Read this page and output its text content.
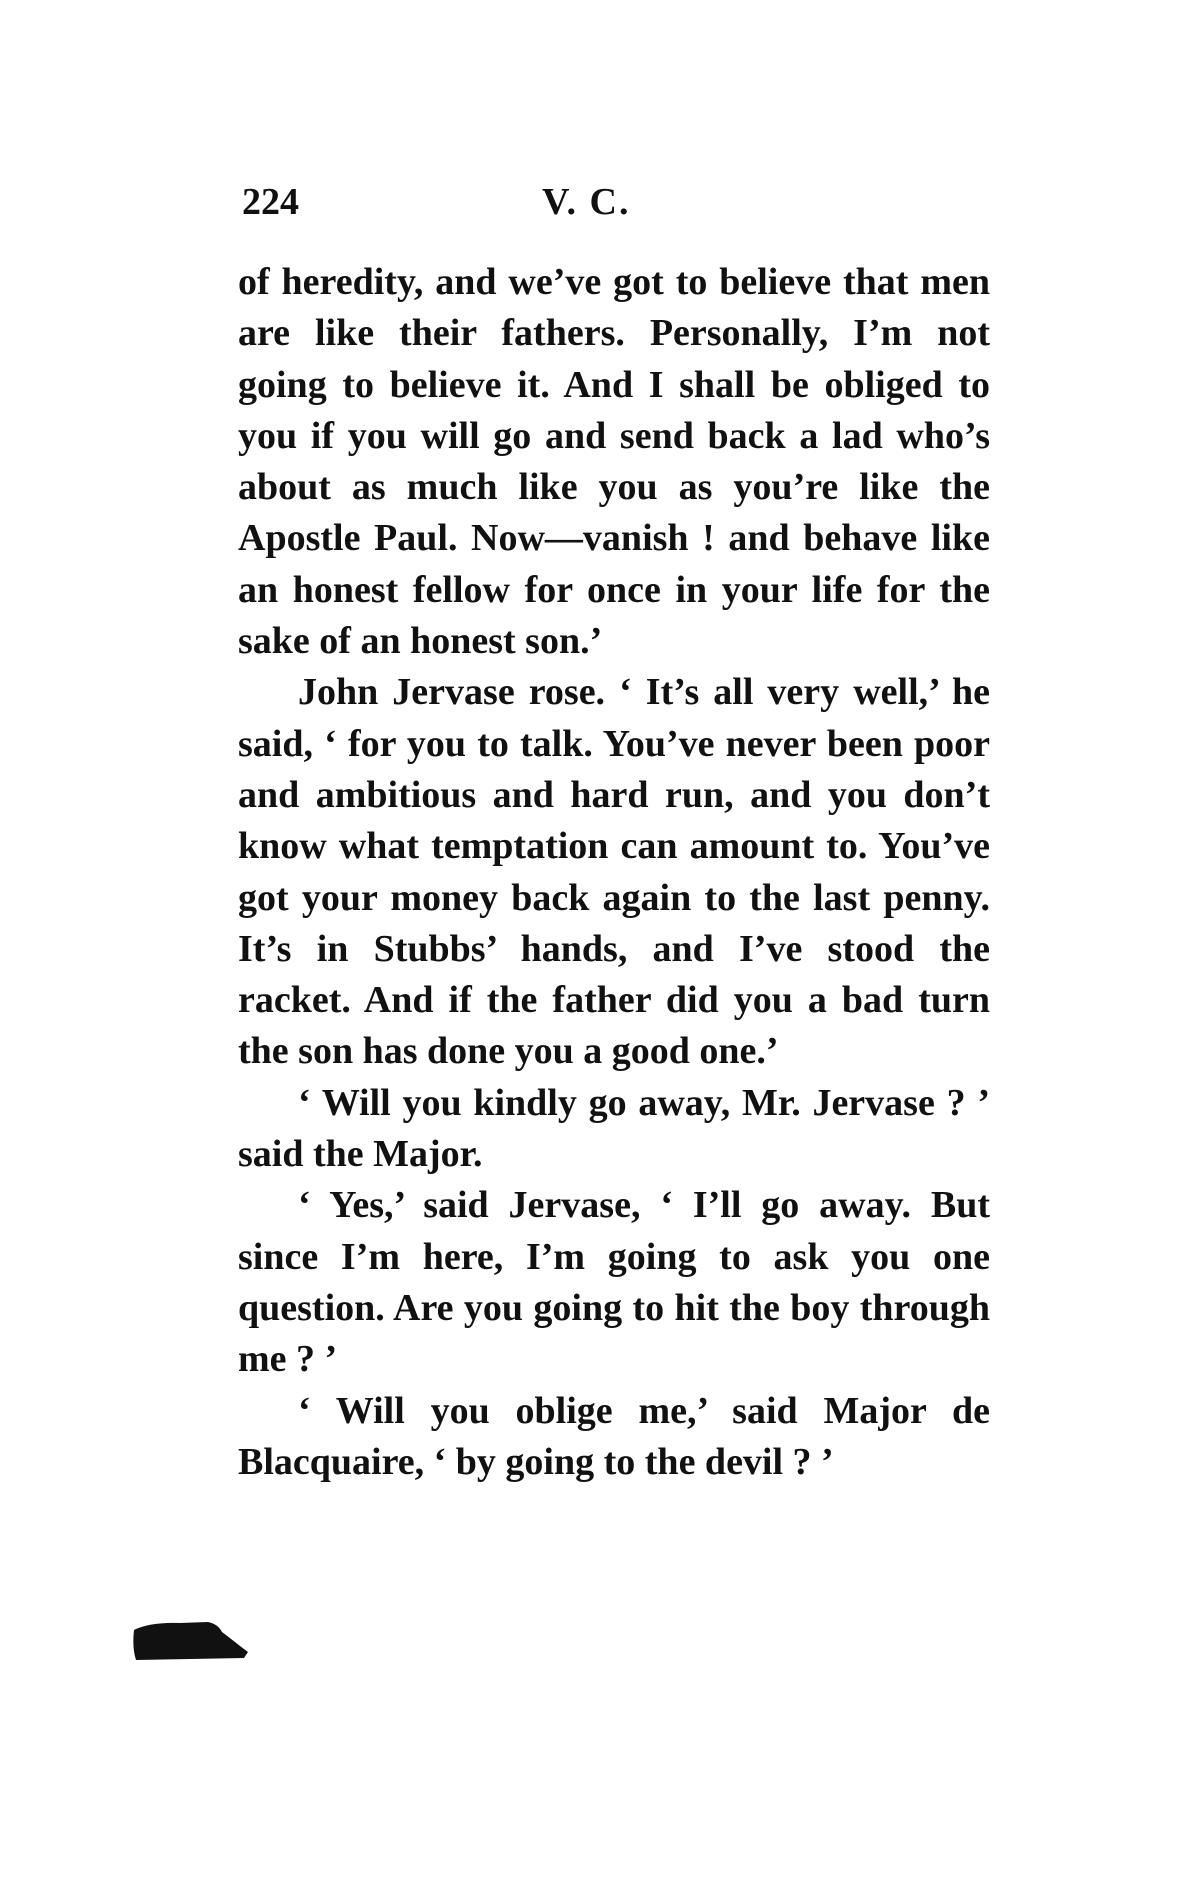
224	V. C.

of heredity, and we’ve got to believe that men are like their fathers. Personally, I’m not going to believe it. And I shall be obliged to you if you will go and send back a lad who’s about as much like you as you’re like the Apostle Paul. Now—vanish ! and behave like an honest fellow for once in your life for the sake of an honest son.’

John Jervase rose. ‘ It’s all very well,’ he said, ‘ for you to talk. You’ve never been poor and ambitious and hard run, and you don’t know what temptation can amount to. You’ve got your money back again to the last penny. It’s in Stubbs’ hands, and I’ve stood the racket. And if the father did you a bad turn the son has done you a good one.’

‘ Will you kindly go away, Mr. Jervase ? ’ said the Major.

‘ Yes,’ said Jervase, ‘ I’ll go away. But since I’m here, I’m going to ask you one question. Are you going to hit the boy through me ? ’

‘ Will you oblige me,’ said Major de Blacquaire, ‘ by going to the devil ? ’
